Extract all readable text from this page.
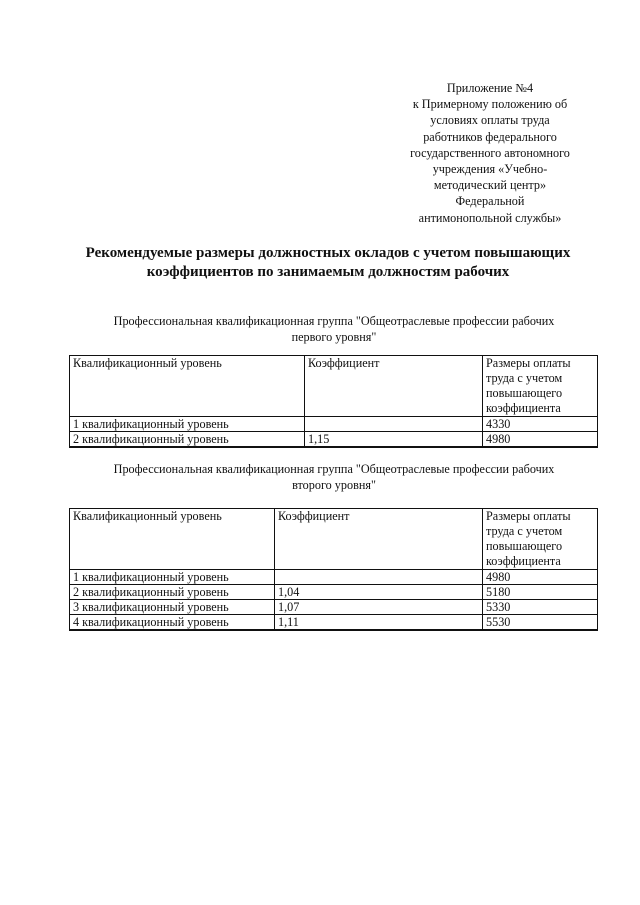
Приложение №4
к Примерному положению об
условиях оплаты труда
работников федерального
государственного автономного
учреждения «Учебно-
методический центр»
Федеральной
антимонопольной службы»
Рекомендуемые размеры должностных окладов с учетом повышающих
коэффициентов по занимаемым должностям рабочих
Профессиональная квалификационная группа "Общеотраслевые профессии рабочих
первого уровня"
Квалификационный уровень	Коэффициент	Размеры оплаты
труда с учетом
повышающего
коэффициента

1 квалификационный уровень		4330
2 квалификационный уровень	1,15	4980
Профессиональная квалификационная группа "Общеотраслевые профессии рабочих
второго уровня"
Квалификационный уровень	Коэффициент	Размеры оплаты
труда с учетом
повышающего
коэффициента

1 квалификационный уровень		4980
2 квалификационный уровень	1,04	5180
3 квалификационный уровень	1,07	5330
4 квалификационный уровень	1,11	5530
